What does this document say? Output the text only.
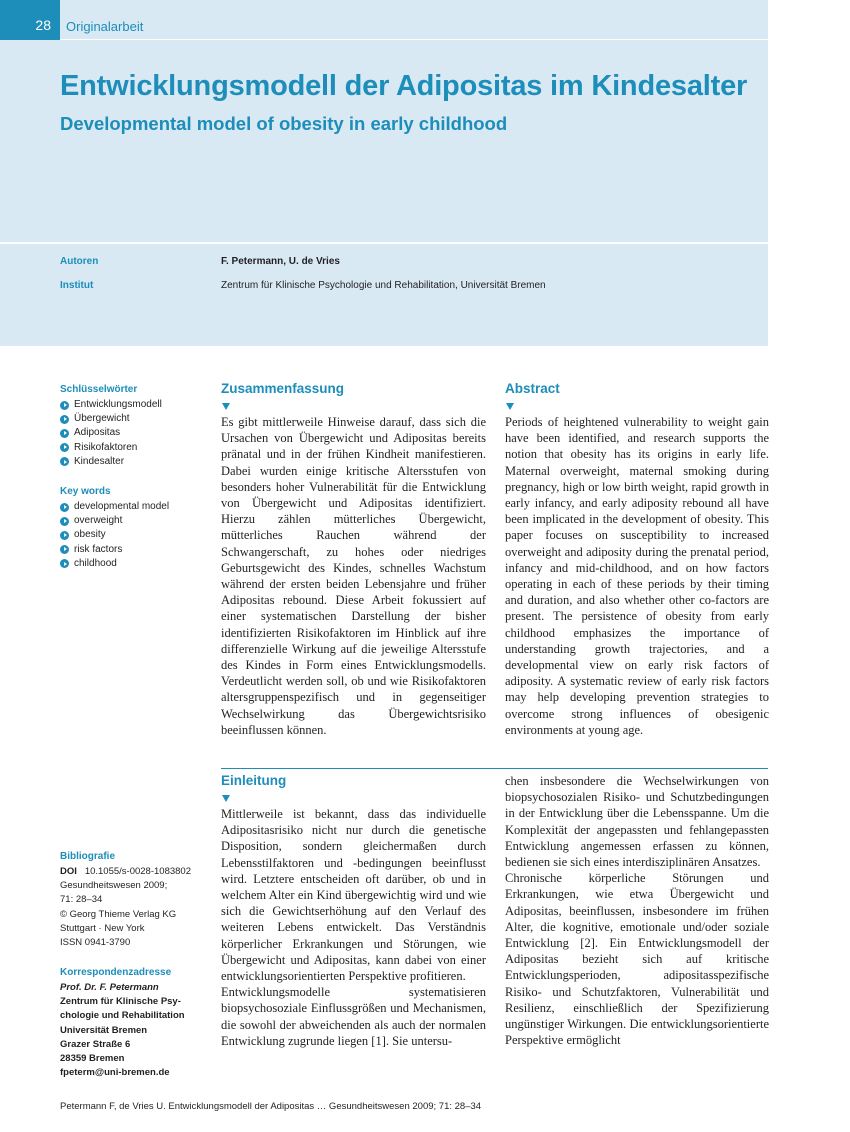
28 Originalarbeit
Entwicklungsmodell der Adipositas im Kindesalter
Developmental model of obesity in early childhood
Autoren	F. Petermann, U. de Vries
Institut	Zentrum für Klinische Psychologie und Rehabilitation, Universität Bremen
Schlüsselwörter
Entwicklungsmodell
Übergewicht
Adipositas
Risikofaktoren
Kindesalter
Key words
developmental model
overweight
obesity
risk factors
childhood
Zusammenfassung

Es gibt mittlerweile Hinweise darauf, dass sich die Ursachen von Übergewicht und Adipositas bereits pränatal und in der frühen Kindheit manifestieren. Dabei wurden einige kritische Altersstufen von besonders hoher Vulnerabilität für die Entwicklung von Übergewicht und Adipositas identifiziert. Hierzu zählen mütterliches Übergewicht, mütterliches Rauchen während der Schwangerschaft, zu hohes oder niedriges Geburtsgewicht des Kindes, schnelles Wachstum während der ersten beiden Lebensjahre und früher Adipositas rebound. Diese Arbeit fokussiert auf einer systematischen Darstellung der bisher identifizierten Risikofaktoren im Hinblick auf ihre differenzielle Wirkung auf die jeweilige Altersstufe des Kindes in Form eines Entwicklungsmodells. Verdeutlicht werden soll, ob und wie Risikofaktoren altersgruppenspezifisch und in gegenseitiger Wechselwirkung das Übergewichtsrisiko beeinflussen können.

Abstract

Periods of heightened vulnerability to weight gain have been identified, and research supports the notion that obesity has its origins in early life. Maternal overweight, maternal smoking during pregnancy, high or low birth weight, rapid growth in early infancy, and early adiposity rebound all have been implicated in the development of obesity. This paper focuses on susceptibility to increased overweight and adiposity during the prenatal period, infancy and mid-childhood, and on how factors operating in each of these periods by their timing and duration, and also whether other co-factors are present. The persistence of obesity from early childhood emphasizes the importance of understanding growth trajectories, and a developmental view on early risk factors of adiposity. A systematic review of early risk factors may help developing prevention strategies to overcome strong influences of obesigenic environments at young age.

Einleitung

Mittlerweile ist bekannt, dass das individuelle Adipositasrisiko nicht nur durch die genetische Disposition, sondern gleichermaßen durch Lebensstilfaktoren und -bedingungen beeinflusst wird. Letztere entscheiden oft darüber, ob und in welchem Alter ein Kind übergewichtig wird und wie sich die Gewichtserhöhung auf den Verlauf des weiteren Lebens entwickelt. Das Verständnis körperlicher Erkrankungen und Störungen, wie Übergewicht und Adipositas, kann dabei von einer entwicklungsorientierten Perspektive profitieren.

Entwicklungsmodelle systematisieren biopsychosoziale Einflussgrößen und Mechanismen, die sowohl der abweichenden als auch der normalen Entwicklung zugrunde liegen [1]. Sie untersu-

chen insbesondere die Wechselwirkungen von biopsychosozialen Risiko- und Schutzbedingungen in der Entwicklung über die Lebensspanne. Um die Komplexität der angepassten und fehlangepassten Entwicklung angemessen erfassen zu können, bedienen sie sich eines interdisziplinären Ansatzes.

Chronische körperliche Störungen und Erkrankungen, wie etwa Übergewicht und Adipositas, beeinflussen, insbesondere im frühen Alter, die kognitive, emotionale und/oder soziale Entwicklung [2]. Ein Entwicklungsmodell der Adipositas bezieht sich auf kritische Entwicklungsperioden, adipositasspezifische Risiko- und Schutzfaktoren, Vulnerabilität und Resilienz, einschließlich der Spezifizierung ungünstiger Wirkungen. Die entwicklungsorientierte Perspektive ermöglicht

Bibliografie
DOI 10.1055/s-0028-1083802
Gesundheitswesen 2009;
71: 28–34
© Georg Thieme Verlag KG
Stuttgart · New York
ISSN 0941-3790
Korrespondenzadresse
Prof. Dr. F. Petermann
Zentrum für Klinische Psy-
chologie und Rehabilitation
Universität Bremen
Grazer Straße 6
28359 Bremen
fpeterm@uni-bremen.de
Petermann F, de Vries U. Entwicklungsmodell der Adipositas … Gesundheitswesen 2009; 71: 28–34
